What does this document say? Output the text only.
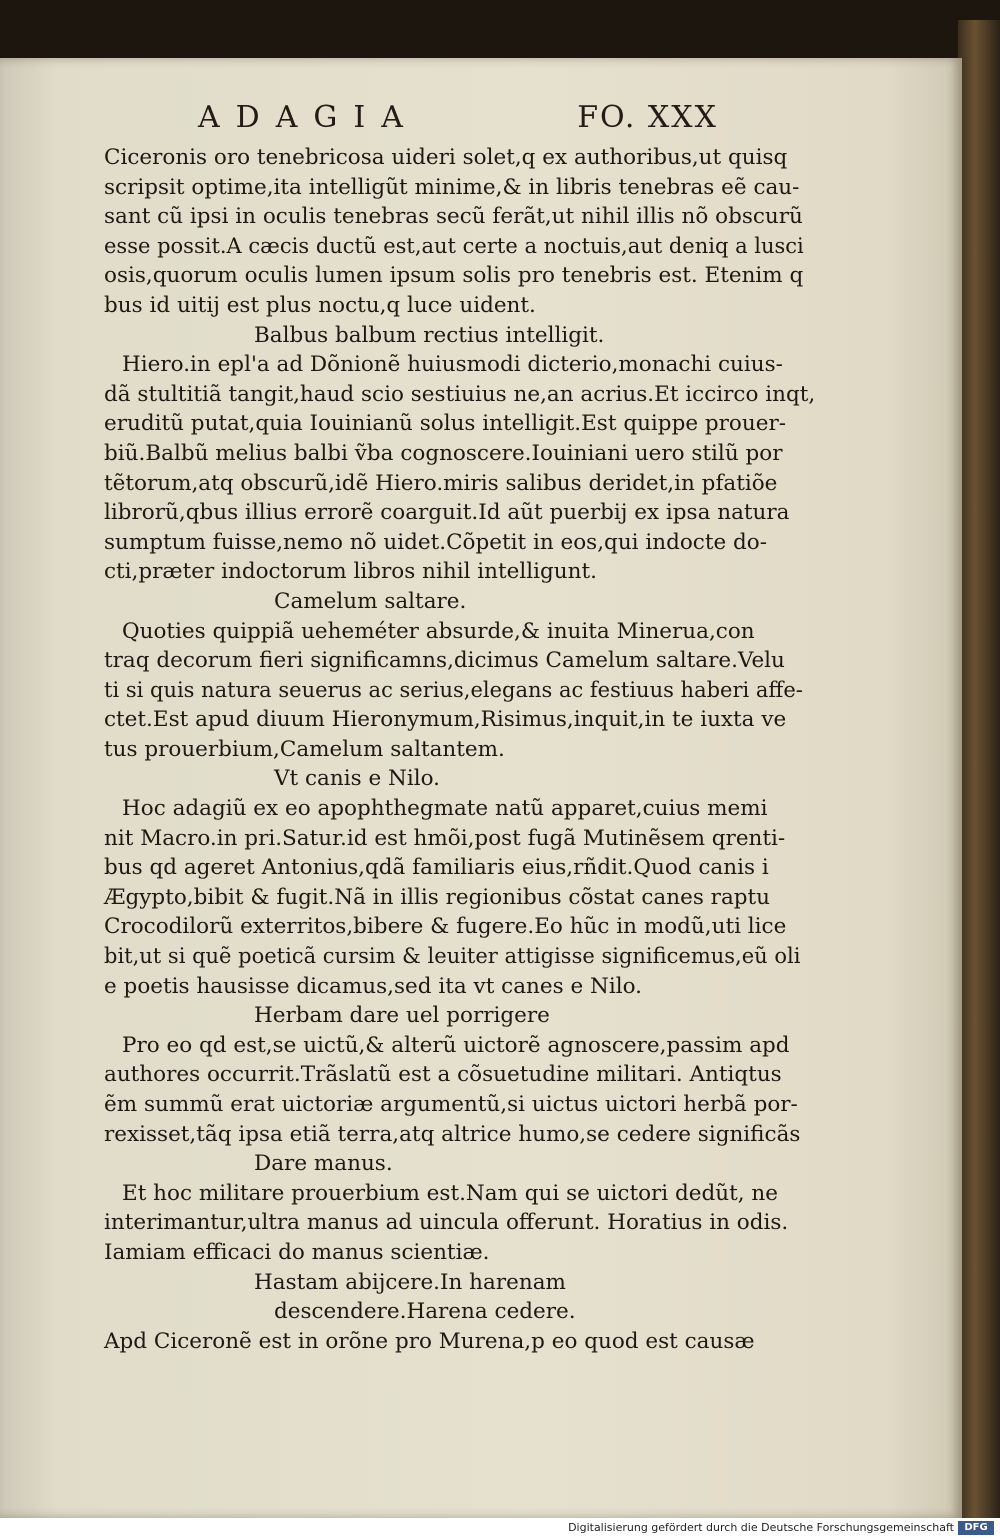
ADAGIA	FO. XXX
Ciceronis oro tenebricosa uideri solet,q ex authoribus,ut quisq
scripsit optime,ita intelligũt minime,& in libris tenebras eẽ cau-
sant cũ ipsi in oculis tenebras secũ ferãt,ut nihil illis nõ obscurũ
esse possit.A cæcis ductũ est,aut certe a noctuis,aut deniq a lusci
osis,quorum oculis lumen ipsum solis pro tenebris est. Etenim q
bus id uitij est plus noctu,q luce uident.
Balbus balbum rectius intelligit.
Hiero.in epl'a ad Dõnionẽ huiusmodi dicterio,monachi cuius-
dã stultitiã tangit,haud scio sestiuius ne,an acrius.Et iccirco inqt,
eruditũ putat,quia Iouinianũ solus intelligit.Est quippe prouer-
biũ.Balbũ melius balbi ṽba cognoscere.Iouiniani uero stilũ por
tẽtorum,atq obscurũ,idẽ Hiero.miris salibus deridet,in pfatiõe
librorũ,qbus illius errorẽ coarguit.Id aũt puerbij ex ipsa natura
sumptum fuisse,nemo nõ uidet.Cõpetit in eos,qui indocte do-
cti,præter indoctorum libros nihil intelligunt.
Camelum saltare.
Quoties quippiã ueheméter absurde,& inuita Minerua,con
traq decorum fieri significamns,dicimus Camelum saltare.Velu
ti si quis natura seuerus ac serius,elegans ac festiuus haberi affe-
ctet.Est apud diuum Hieronymum,Risimus,inquit,in te iuxta ve
tus prouerbium,Camelum saltantem.
Vt canis e Nilo.
Hoc adagiũ ex eo apophthegmate natũ apparet,cuius memi
nit Macro.in pri.Satur.id est hmõi,post fugã Mutinẽsem qrenti-
bus qd ageret Antonius,qdã familiaris eius,rñdit.Quod canis i
Ægypto,bibit & fugit.Nã in illis regionibus cõstat canes raptu
Crocodilorũ exterritos,bibere & fugere.Eo hũc in modũ,uti lice
bit,ut si quẽ poeticã cursim & leuiter attigisse significemus,eũ oli
e poetis hausisse dicamus,sed ita vt canes e Nilo.
Herbam dare uel porrigere
Pro eo qd est,se uictũ,& alterũ uictorẽ agnoscere,passim apd
authores occurrit.Trãslatũ est a cõsuetudine militari. Antiqtus
ẽm summũ erat uictoriæ argumentũ,si uictus uictori herbã por-
rexisset,tãq ipsa etiã terra,atq altrice humo,se cedere significãs
Dare manus.
Et hoc militare prouerbium est.Nam qui se uictori dedũt, ne
interimantur,ultra manus ad uincula offerunt. Horatius in odis.
Iamiam efficaci do manus scientiæ.
Hastam abijcere.In harenam
descendere.Harena cedere.
Apd Ciceronẽ est in orõne pro Murena,p eo quod est causæ
Digitalisierung gefördert durch die Deutsche Forschungsgemeinschaft	DFG
